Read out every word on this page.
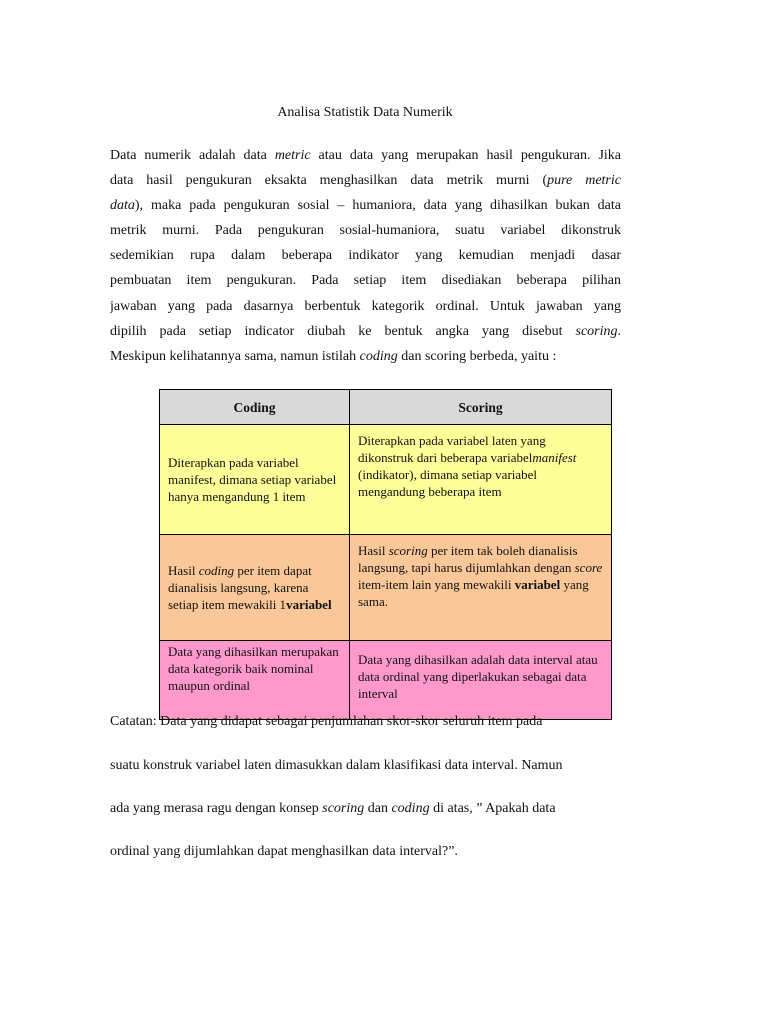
Analisa Statistik Data Numerik
Data numerik adalah data metric atau data yang merupakan hasil pengukuran. Jika
data hasil pengukuran eksakta menghasilkan data metrik murni (pure metric
data), maka pada pengukuran sosial – humaniora, data yang dihasilkan bukan data
metrik murni. Pada pengukuran sosial-humaniora, suatu variabel dikonstruk
sedemikian rupa dalam beberapa indikator yang kemudian menjadi dasar
pembuatan item pengukuran. Pada setiap item disediakan beberapa pilihan
jawaban yang pada dasarnya berbentuk kategorik ordinal. Untuk jawaban yang
dipilih pada setiap indicator diubah ke bentuk angka yang disebut scoring.
Meskipun kelihatannya sama, namun istilah coding dan scoring berbeda, yaitu :
Coding	Scoring

Diterapkan pada variabel manifest, dimana setiap variabel hanya mengandung 1 item	Diterapkan pada variabel laten yang dikonstruk dari beberapa variabelmanifest (indikator), dimana setiap variabel mengandung beberapa item

Hasil coding per item dapat dianalisis langsung, karena setiap item mewakili 1variabel	Hasil scoring per item tak boleh dianalisis langsung, tapi harus dijumlahkan dengan score item-item lain yang mewakili variabel yang sama.

Data yang dihasilkan merupakan data kategorik baik nominal maupun ordinal	Data yang dihasilkan adalah data interval atau data ordinal yang diperlakukan sebagai data interval
Catatan: Data yang didapat sebagai penjumlahan skor-skor seluruh item pada
suatu konstruk variabel laten dimasukkan dalam klasifikasi data interval. Namun
ada yang merasa ragu dengan konsep scoring dan coding di atas, ” Apakah data
ordinal yang dijumlahkan dapat menghasilkan data interval?”.
